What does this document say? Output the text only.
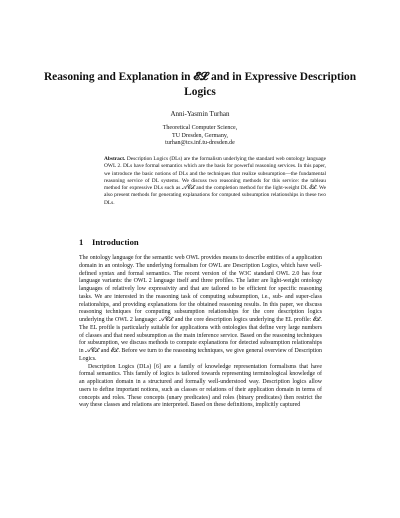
Reasoning and Explanation in 𝓔𝓛 and in Expressive Description Logics
Anni-Yasmin Turhan
Theoretical Computer Science,
TU Dresden, Germany,
turhan@tcs.inf.tu-dresden.de

Abstract. Description Logics (DLs) are the formalism underlying the standard web ontology language OWL 2. DLs have formal semantics which are the basis for powerful reasoning services. In this paper, we introduce the basic notions of DLs and the techniques that realize subsumption—the fundamental reasoning service of DL systems. We discuss two reasoning methods for this service: the tableau method for expressive DLs such as 𝒜𝒞ℒ and the completion method for the light-weight DL ℰℒ. We also present methods for generating explanations for computed subsumption relationships in these two DLs.

1 Introduction

The ontology language for the semantic web OWL provides means to describe entities of a application domain in an ontology. The underlying formalism for OWL are Description Logics, which have well-defined syntax and formal semantics. The recent version of the W3C standard OWL 2.0 has four language variants: the OWL 2 language itself and three profiles. The latter are light-weight ontology languages of relatively low expressivity and that are tailored to be efficient for specific reasoning tasks. We are interested in the reasoning task of computing subsumption, i.e., sub- and super-class relationships, and providing explanations for the obtained reasoning results. In this paper, we discuss reasoning techniques for computing subsumption relationships for the core description logics underlying the OWL 2 language: 𝒜𝒞ℒ and the core description logics underlying the EL profile: ℰℒ. The EL profile is particularly suitable for applications with ontologies that define very large numbers of classes and that need subsumption as the main inference service. Based on the reasoning techniques for subsumption, we discuss methods to compute explanations for detected subsumption relationships in 𝒜𝒞ℒ and ℰℒ. Before we turn to the reasoning techniques, we give general overview of Description Logics.

Description Logics (DLs) [6] are a family of knowledge representation formalisms that have formal semantics. This family of logics is tailored towards representing terminological knowledge of an application domain in a structured and formally well-understood way. Description logics allow users to define important notions, such as classes or relations of their application domain in terms of concepts and roles. These concepts (unary predicates) and roles (binary predicates) then restrict the way these classes and relations are interpreted. Based on these definitions, implicitly captured
